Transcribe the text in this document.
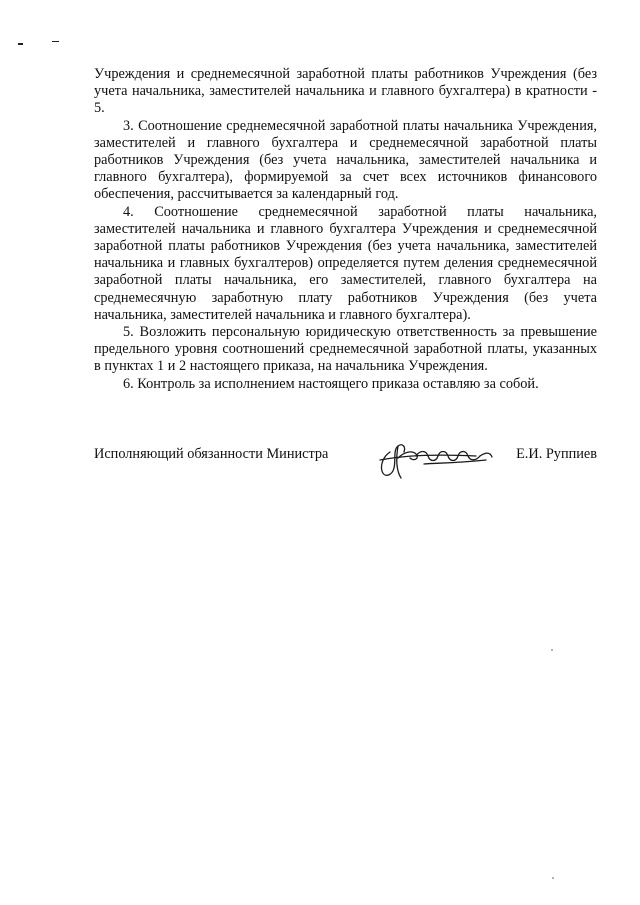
Учреждения и среднемесячной заработной платы работников Учреждения (без учета начальника, заместителей начальника и главного бухгалтера) в кратности - 5.

3. Соотношение среднемесячной заработной платы начальника Учреждения, заместителей и главного бухгалтера и среднемесячной заработной платы работников Учреждения (без учета начальника, заместителей начальника и главного бухгалтера), формируемой за счет всех источников финансового обеспечения, рассчитывается за календарный год.

4. Соотношение среднемесячной заработной платы начальника, заместителей начальника и главного бухгалтера Учреждения и среднемесячной заработной платы работников Учреждения (без учета начальника, заместителей начальника и главных бухгалтеров) определяется путем деления среднемесячной заработной платы начальника, его заместителей, главного бухгалтера на среднемесячную заработную плату работников Учреждения (без учета начальника, заместителей начальника и главного бухгалтера).

5. Возложить персональную юридическую ответственность за превышение предельного уровня соотношений среднемесячной заработной платы, указанных в пунктах 1 и 2 настоящего приказа, на начальника Учреждения.

6. Контроль за исполнением настоящего приказа оставляю за собой.

Исполняющий обязанности Министра	Е.И. Руппиев
